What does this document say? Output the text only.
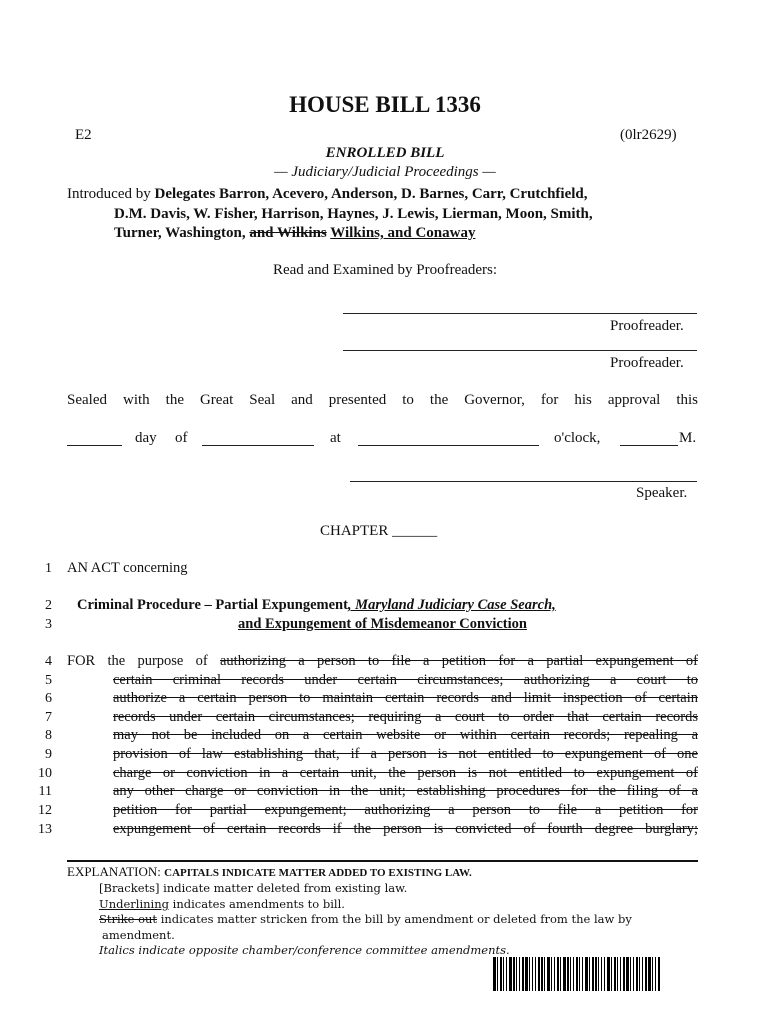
HOUSE BILL 1336
E2	(0lr2629)
ENROLLED BILL
— Judiciary/Judicial Proceedings —
Introduced by Delegates Barron, Acevero, Anderson, D. Barnes, Carr, Crutchfield,
D.M. Davis, W. Fisher, Harrison, Haynes, J. Lewis, Lierman, Moon, Smith,
Turner, Washington, and Wilkins Wilkins, and Conaway
Read and Examined by Proofreaders:
Proofreader.
Proofreader.
Sealed with the Great Seal and presented to the Governor, for his approval this
day of	at	o'clock,	M.
Speaker.
CHAPTER ______
1 AN ACT concerning
2 Criminal Procedure – Partial Expungement, Maryland Judiciary Case Search,
3	and Expungement of Misdemeanor Conviction
4 FOR the purpose of authorizing a person to file a petition for a partial expungement of
5	certain criminal records under certain circumstances; authorizing a court to
6	authorize a certain person to maintain certain records and limit inspection of certain
7	records under certain circumstances; requiring a court to order that certain records
8	may not be included on a certain website or within certain records; repealing a
9	provision of law establishing that, if a person is not entitled to expungement of one
10	charge or conviction in a certain unit, the person is not entitled to expungement of
11	any other charge or conviction in the unit; establishing procedures for the filing of a
12	petition for partial expungement; authorizing a person to file a petition for
13	expungement of certain records if the person is convicted of fourth degree burglary;
EXPLANATION: CAPITALS INDICATE MATTER ADDED TO EXISTING LAW.
[Brackets] indicate matter deleted from existing law.
Underlining indicates amendments to bill.
Strike out indicates matter stricken from the bill by amendment or deleted from the law by
amendment.
Italics indicate opposite chamber/conference committee amendments.
